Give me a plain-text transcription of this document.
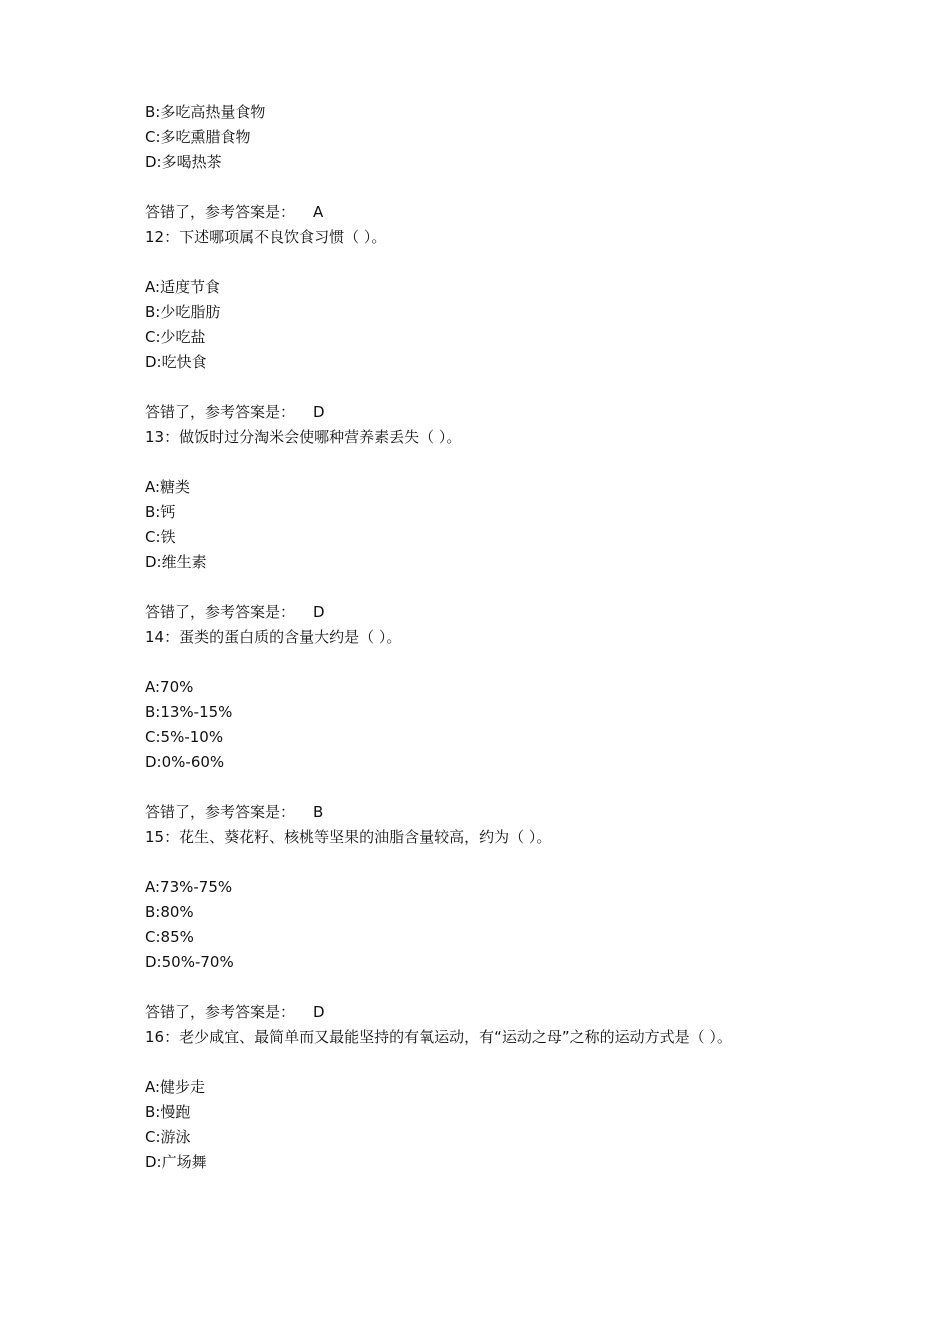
B:多吃高热量食物
C:多吃熏腊食物
D:多喝热茶
答错了，参考答案是： A
12：下述哪项属不良饮食习惯（ ）。
A:适度节食
B:少吃脂肪
C:少吃盐
D:吃快食
答错了，参考答案是： D
13：做饭时过分淘米会使哪种营养素丢失（ ）。
A:糖类
B:钙
C:铁
D:维生素
答错了，参考答案是： D
14：蛋类的蛋白质的含量大约是（ ）。
A:70%
B:13%-15%
C:5%-10%
D:0%-60%
答错了，参考答案是： B
15：花生、葵花籽、核桃等坚果的油脂含量较高，约为（ ）。
A:73%-75%
B:80%
C:85%
D:50%-70%
答错了，参考答案是： D
16：老少咸宜、最简单而又最能坚持的有氧运动，有“运动之母”之称的运动方式是（ ）。
A:健步走
B:慢跑
C:游泳
D:广场舞
